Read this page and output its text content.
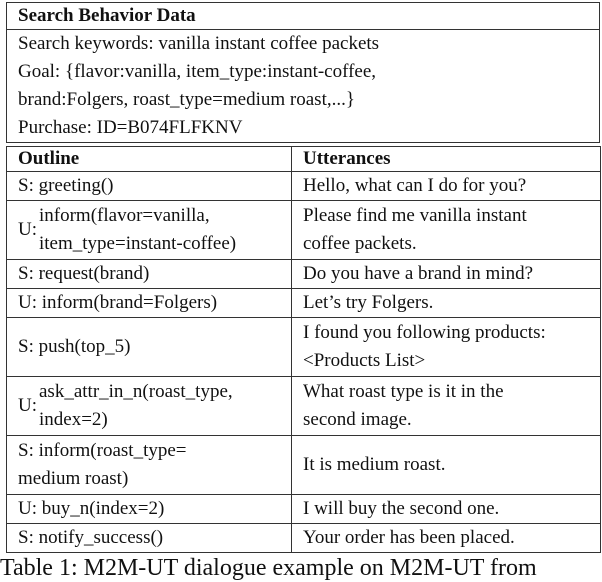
Search Behavior Data
Search keywords: vanilla instant coffee packets
Goal: {flavor:vanilla, item_type:instant-coffee,
brand:Folgers, roast_type=medium roast,...}
Purchase: ID=B074FLFKNV
Outline	Utterances
S: greeting()	Hello, what can I do for you?

U:
inform(flavor=vanilla,
item_type=instant-coffee)	Please find me vanilla instant
coffee packets.

S: request(brand)	Do you have a brand in mind?
U: inform(brand=Folgers)	Let’s try Folgers.
S: push(top_5)	I found you following products:
<Products List>

U:
ask_attr_in_n(roast_type,
index=2)	What roast type is it in the
second image.

S: inform(roast_type=
medium roast)	It is medium roast.
U: buy_n(index=2)	I will buy the second one.
S: notify_success()	Your order has been placed.
Table 1: M2M-UT dialogue example on M2M-UT from
